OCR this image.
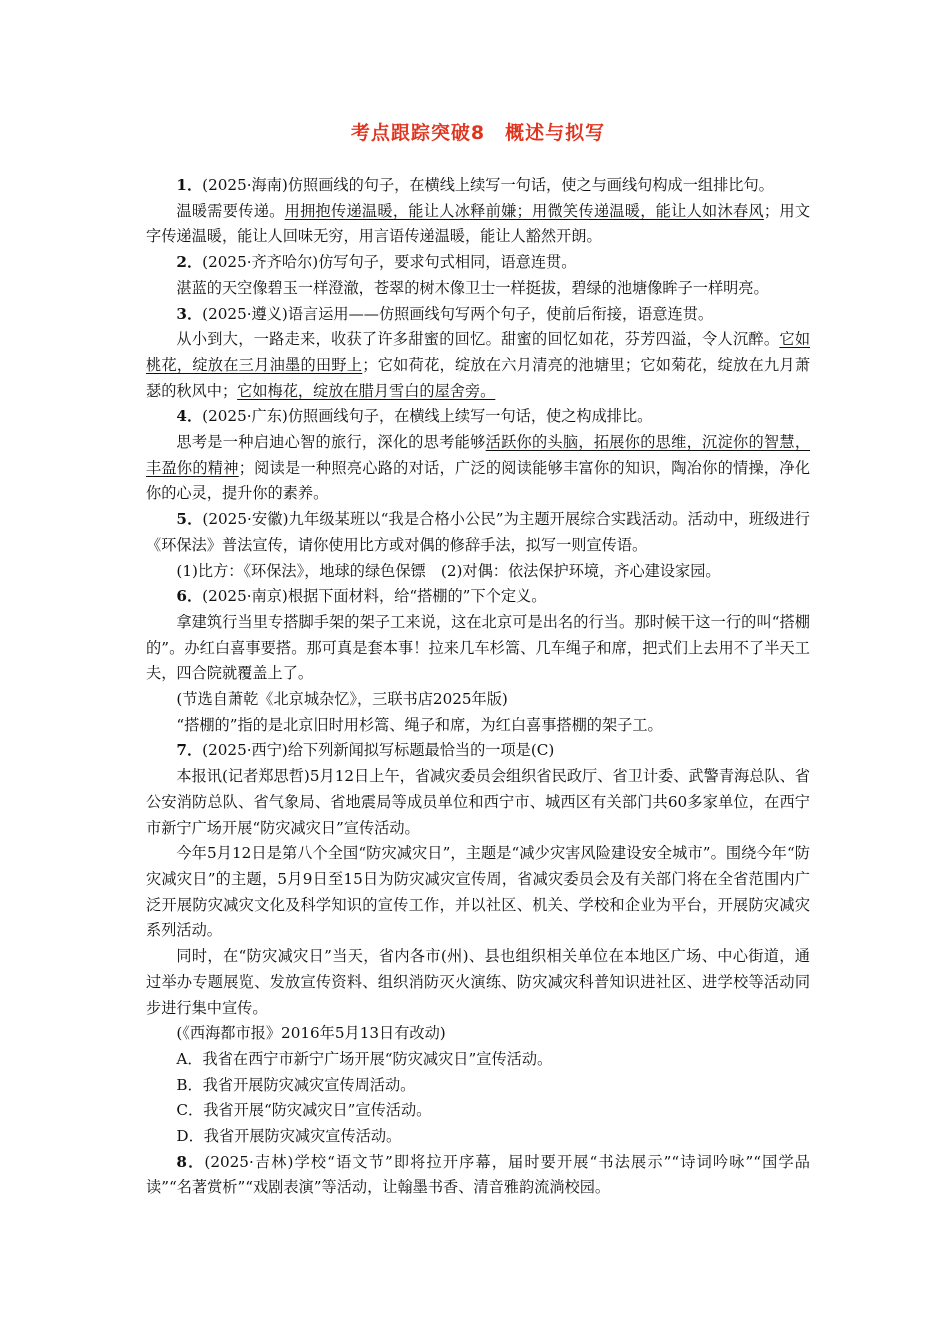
考点跟踪突破8　概述与拟写

1．(2025·海南)仿照画线的句子，在横线上续写一句话，使之与画线句构成一组排比句。

温暖需要传递。用拥抱传递温暖，能让人冰释前嫌；用微笑传递温暖，能让人如沐春风；用文字传递温暖，能让人回味无穷，用言语传递温暖，能让人豁然开朗。

2．(2025·齐齐哈尔)仿写句子，要求句式相同，语意连贯。

湛蓝的天空像碧玉一样澄澈，苍翠的树木像卫士一样挺拔，碧绿的池塘像眸子一样明亮。

3．(2025·遵义)语言运用——仿照画线句写两个句子，使前后衔接，语意连贯。

从小到大，一路走来，收获了许多甜蜜的回忆。甜蜜的回忆如花，芬芳四溢，令人沉醉。它如桃花，绽放在三月油墨的田野上；它如荷花，绽放在六月清亮的池塘里；它如菊花，绽放在九月萧瑟的秋风中；它如梅花，绽放在腊月雪白的屋舍旁。

4．(2025·广东)仿照画线句子，在横线上续写一句话，使之构成排比。

思考是一种启迪心智的旅行，深化的思考能够活跃你的头脑，拓展你的思维，沉淀你的智慧，丰盈你的精神；阅读是一种照亮心路的对话，广泛的阅读能够丰富你的知识，陶冶你的情操，净化你的心灵，提升你的素养。

5．(2025·安徽)九年级某班以“我是合格小公民”为主题开展综合实践活动。活动中，班级进行《环保法》普法宣传，请你使用比方或对偶的修辞手法，拟写一则宣传语。

(1)比方：《环保法》，地球的绿色保镖　(2)对偶：依法保护环境，齐心建设家园。

6．(2025·南京)根据下面材料，给“搭棚的”下个定义。

拿建筑行当里专搭脚手架的架子工来说，这在北京可是出名的行当。那时候干这一行的叫“搭棚的”。办红白喜事要搭。那可真是套本事！拉来几车杉篙、几车绳子和席，把式们上去用不了半天工夫，四合院就覆盖上了。

(节选自萧乾《北京城杂忆》，三联书店2025年版)

“搭棚的”指的是北京旧时用杉篙、绳子和席，为红白喜事搭棚的架子工。

7．(2025·西宁)给下列新闻拟写标题最恰当的一项是(C)

本报讯(记者郑思哲)5月12日上午，省减灾委员会组织省民政厅、省卫计委、武警青海总队、省公安消防总队、省气象局、省地震局等成员单位和西宁市、城西区有关部门共60多家单位，在西宁市新宁广场开展“防灾减灾日”宣传活动。

今年5月12日是第八个全国“防灾减灾日”，主题是“减少灾害风险建设安全城市”。围绕今年“防灾减灾日”的主题，5月9日至15日为防灾减灾宣传周，省减灾委员会及有关部门将在全省范围内广泛开展防灾减灾文化及科学知识的宣传工作，并以社区、机关、学校和企业为平台，开展防灾减灾系列活动。

同时，在“防灾减灾日”当天，省内各市(州)、县也组织相关单位在本地区广场、中心街道，通过举办专题展览、发放宣传资料、组织消防灭火演练、防灾减灾科普知识进社区、进学校等活动同步进行集中宣传。

(《西海都市报》2016年5月13日有改动)

A．我省在西宁市新宁广场开展“防灾减灾日”宣传活动。

B．我省开展防灾减灾宣传周活动。

C．我省开展“防灾减灾日”宣传活动。

D．我省开展防灾减灾宣传活动。

8．(2025·吉林)学校“语文节”即将拉开序幕，届时要开展“书法展示”“诗词吟咏”“国学品读”“名著赏析”“戏剧表演”等活动，让翰墨书香、清音雅韵流淌校园。
